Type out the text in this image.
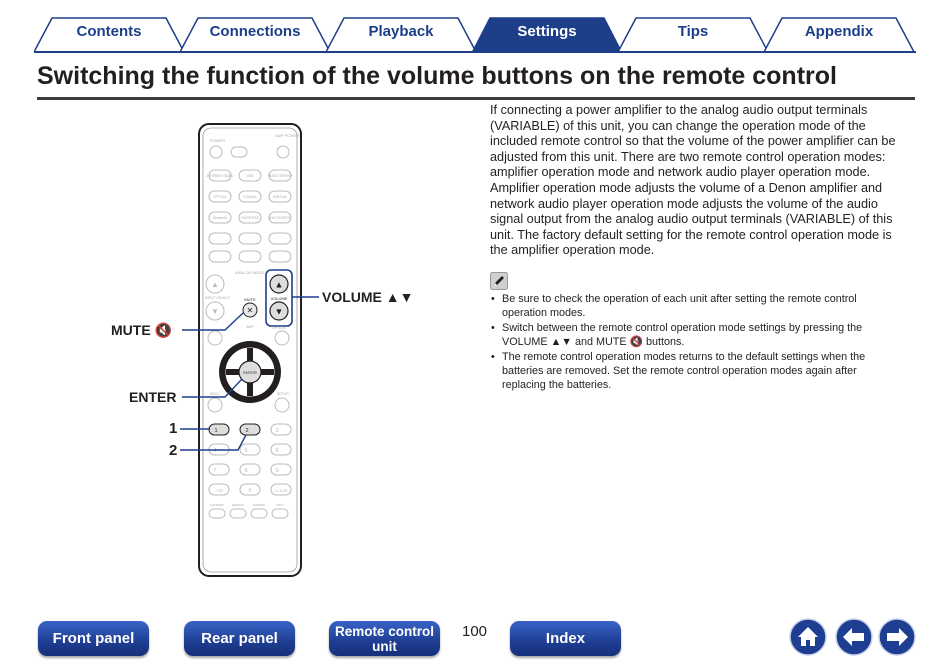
Contents	Connections	Playback	Settings	Tips	Appendix
Switching the function of the volume buttons on the remote control
POWER
AMP POWER
INTERNET RADIO	USB	MUSIC SERVER
OPTICAL	COAXIAL	USB-DAC
Bluetooth	FAVORITES	ADD FAVORITE
ANALOG MODE
▲
INPUT SELECT
▼
MUTE
✕
AMP
▲
VOLUME
▼
OPTION
ENTER
BACK	SETUP
1	2	3
4	5	6
7	8	9
+10	0	CLEAR
RANDOM	REPEAT	DIMMER	INFO
VOLUME ▲▼
MUTE 🔇
ENTER
1
2
If connecting a power amplifier to the analog audio output terminals (VARIABLE) of this unit, you can change the operation mode of the included remote control so that the volume of the power amplifier can be adjusted from this unit. There are two remote control operation modes: amplifier operation mode and network audio player operation mode. Amplifier operation mode adjusts the volume of a Denon amplifier and network audio player operation mode adjusts the volume of the audio signal output from the analog audio output terminals (VARIABLE) of this unit. The factory default setting for the remote control operation mode is the amplifier operation mode.
• Be sure to check the operation of each unit after setting the remote control operation modes.
• Switch between the remote control operation mode settings by pressing the VOLUME ▲▼ and MUTE 🔇 buttons.
• The remote control operation modes returns to the default settings when the batteries are removed. Set the remote control operation modes again after replacing the batteries.
Front panel	Rear panel	Remote control
unit
100	Index
